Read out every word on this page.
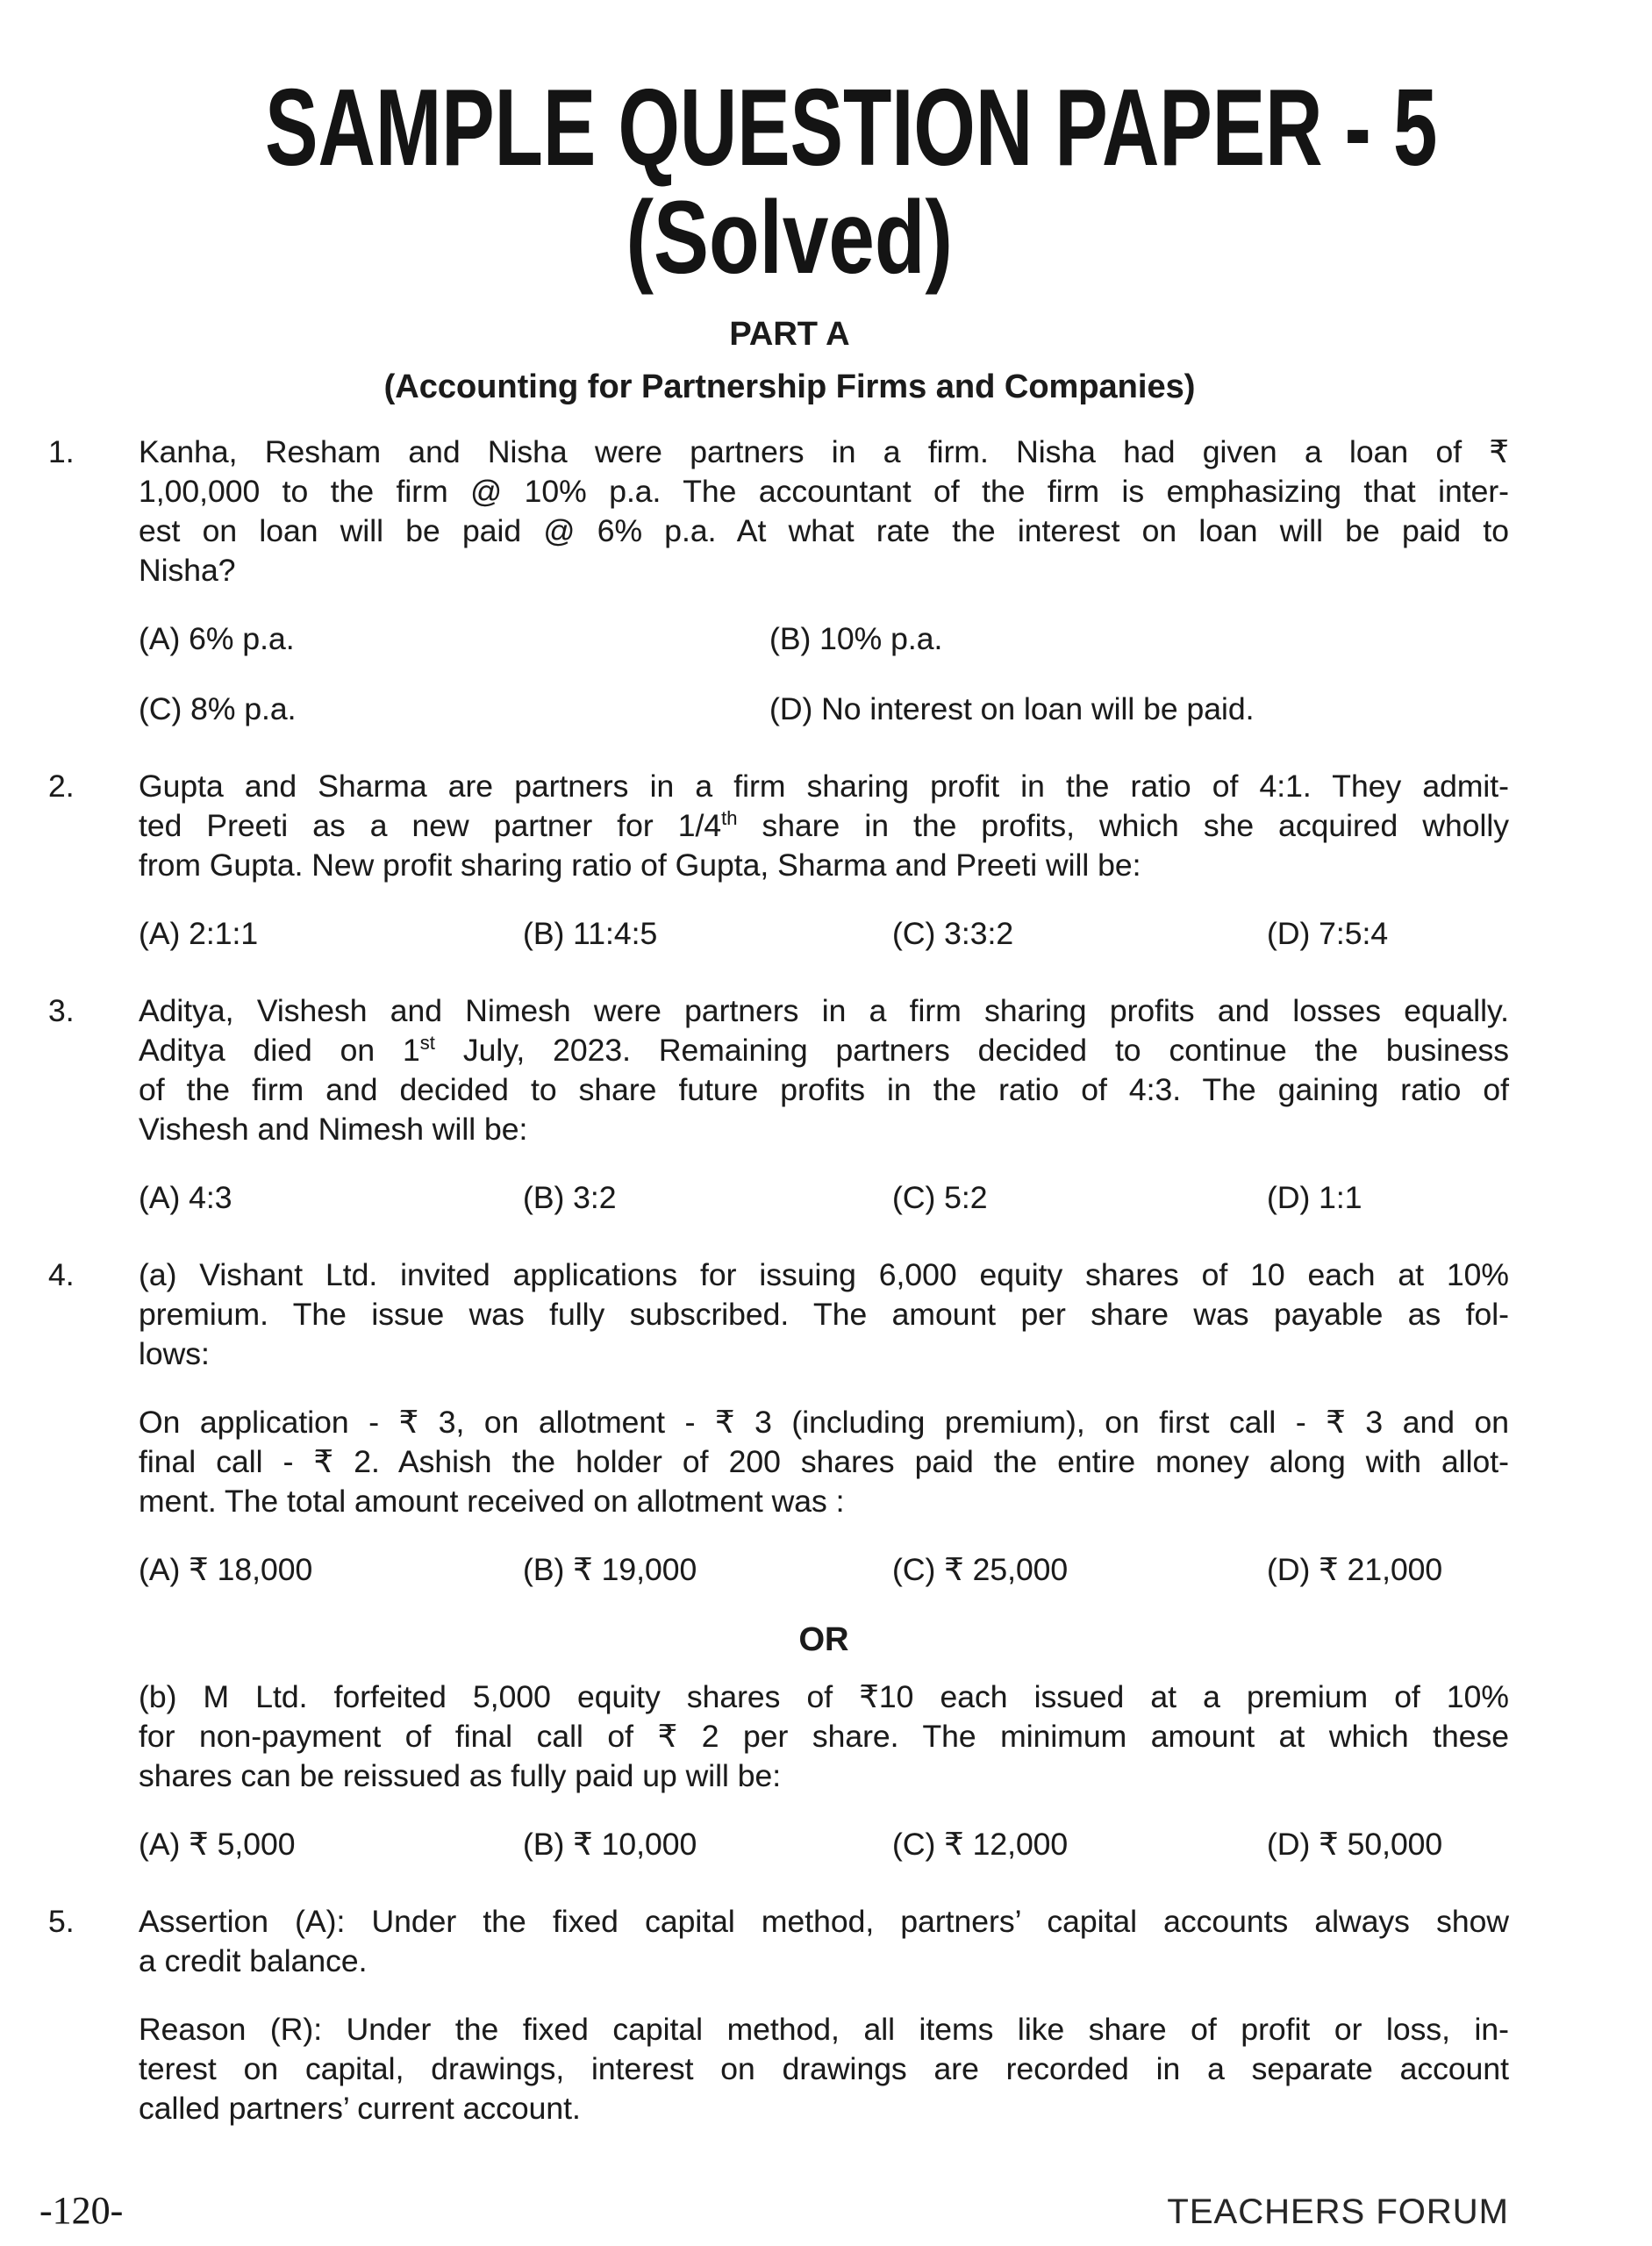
SAMPLE QUESTION PAPER - 5
(Solved)
PART A
(Accounting for Partnership Firms and Companies)
1.	Kanha, Resham and Nisha were partners in a firm. Nisha had given a loan of ₹
1,00,000 to the firm @ 10% p.a. The accountant of the firm is emphasizing that inter-
est on loan will be paid @ 6% p.a. At what rate the interest on loan will be paid to
Nisha?
(A) 6% p.a.	(B) 10% p.a.
(C) 8% p.a.	(D) No interest on loan will be paid.
2.	Gupta and Sharma are partners in a firm sharing profit in the ratio of 4:1. They admit-
ted Preeti as a new partner for 1/4th share in the profits, which she acquired wholly
from Gupta. New profit sharing ratio of Gupta, Sharma and Preeti will be:
(A) 2:1:1	(B) 11:4:5	(C) 3:3:2	(D) 7:5:4
3.	Aditya, Vishesh and Nimesh were partners in a firm sharing profits and losses equally.
Aditya died on 1st July, 2023. Remaining partners decided to continue the business
of the firm and decided to share future profits in the ratio of 4:3. The gaining ratio of
Vishesh and Nimesh will be:
(A) 4:3	(B) 3:2	(C) 5:2	(D) 1:1
4.	(a) Vishant Ltd. invited applications for issuing 6,000 equity shares of 10 each at 10%
premium. The issue was fully subscribed. The amount per share was payable as fol-
lows:
On application - ₹ 3, on allotment - ₹ 3 (including premium), on first call - ₹ 3 and on
final call - ₹ 2. Ashish the holder of 200 shares paid the entire money along with allot-
ment. The total amount received on allotment was :
(A) ₹ 18,000	(B) ₹ 19,000	(C) ₹ 25,000	(D) ₹ 21,000
OR
(b) M Ltd. forfeited 5,000 equity shares of ₹10 each issued at a premium of 10%
for non-payment of final call of ₹ 2 per share. The minimum amount at which these
shares can be reissued as fully paid up will be:
(A) ₹ 5,000	(B) ₹ 10,000	(C) ₹ 12,000	(D) ₹ 50,000
5.	Assertion (A): Under the fixed capital method, partners’ capital accounts always show
a credit balance.
Reason (R): Under the fixed capital method, all items like share of profit or loss, in-
terest on capital, drawings, interest on drawings are recorded in a separate account
called partners’ current account.
-120-	TEACHERS FORUM
